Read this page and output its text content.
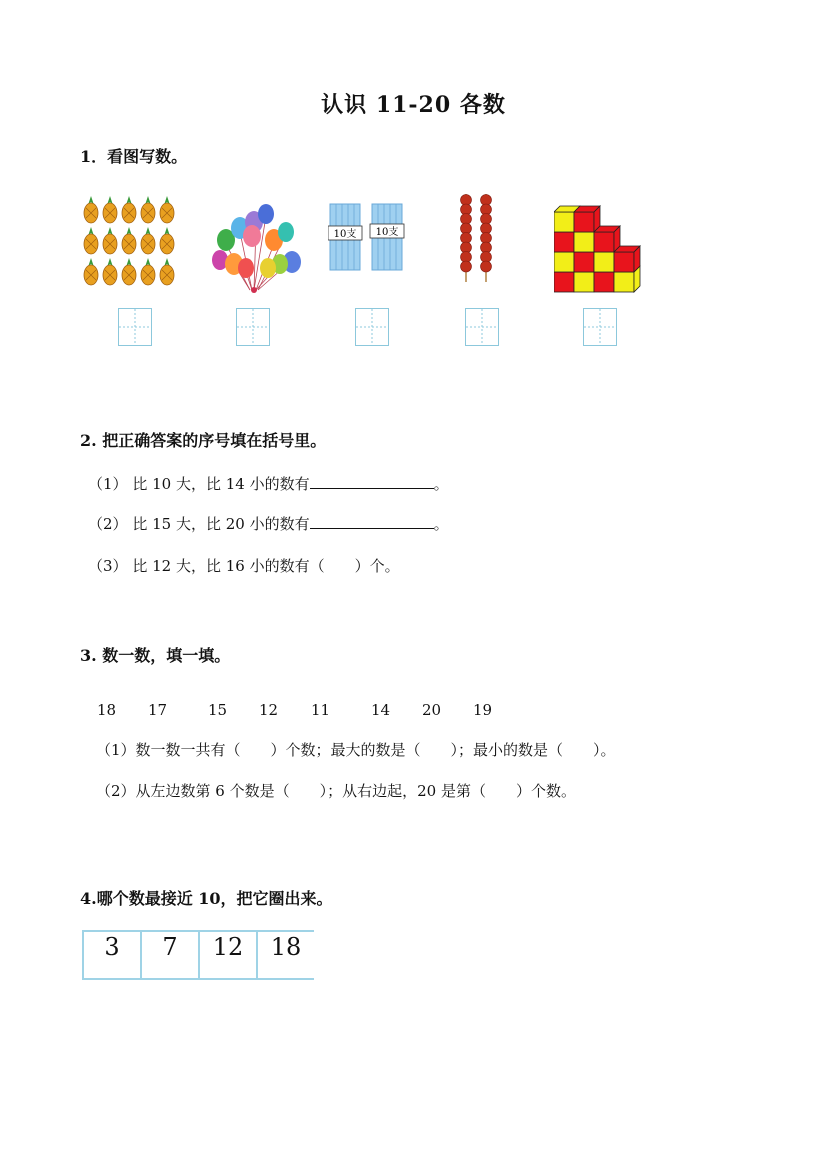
认识 11-20 各数
1．看图写数。
10支 10支
2. 把正确答案的序号填在括号里。
（1） 比 10 大，比 14 小的数有	。
（2） 比 15 大，比 20 小的数有	。
（3） 比 12 大，比 16 小的数有（　　）个。
3. 数一数，填一填。
18 17	15 12 11	14 20 19
（1）数一数一共有（　　）个数；最大的数是（　　）；最小的数是（　　）。
（2）从左边数第 6 个数是（　　）；从右边起，20 是第（　　）个数。
4.哪个数最接近 10，把它圈出来。
3	7	12	18
